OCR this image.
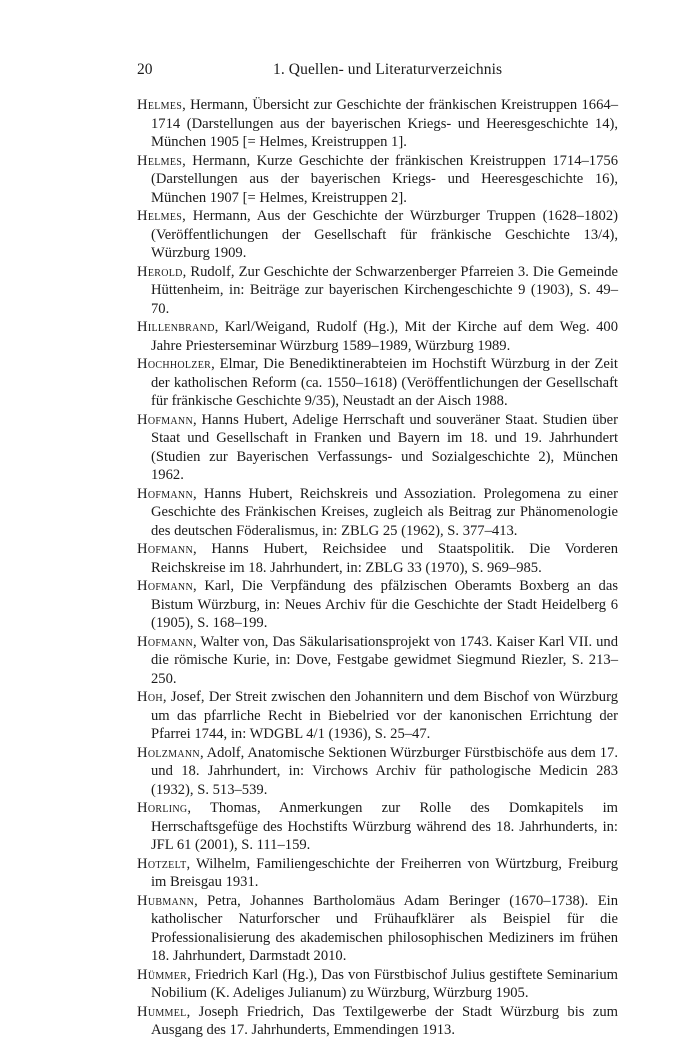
20	1. Quellen- und Literaturverzeichnis

Helmes, Hermann, Übersicht zur Geschichte der fränkischen Kreistruppen 1664–1714 (Darstellungen aus der bayerischen Kriegs- und Heeresgeschichte 14), München 1905 [= Helmes, Kreistruppen 1].

Helmes, Hermann, Kurze Geschichte der fränkischen Kreistruppen 1714–1756 (Darstellungen aus der bayerischen Kriegs- und Heeresgeschichte 16), München 1907 [= Helmes, Kreistruppen 2].

Helmes, Hermann, Aus der Geschichte der Würzburger Truppen (1628–1802) (Veröffentlichungen der Gesellschaft für fränkische Geschichte 13/4), Würzburg 1909.

Herold, Rudolf, Zur Geschichte der Schwarzenberger Pfarreien 3. Die Gemeinde Hüttenheim, in: Beiträge zur bayerischen Kirchengeschichte 9 (1903), S. 49–70.

Hillenbrand, Karl/Weigand, Rudolf (Hg.), Mit der Kirche auf dem Weg. 400 Jahre Priesterseminar Würzburg 1589–1989, Würzburg 1989.

Hochholzer, Elmar, Die Benediktinerabteien im Hochstift Würzburg in der Zeit der katholischen Reform (ca. 1550–1618) (Veröffentlichungen der Gesellschaft für fränkische Geschichte 9/35), Neustadt an der Aisch 1988.

Hofmann, Hanns Hubert, Adelige Herrschaft und souveräner Staat. Studien über Staat und Gesellschaft in Franken und Bayern im 18. und 19. Jahrhundert (Studien zur Bayerischen Verfassungs- und Sozialgeschichte 2), München 1962.

Hofmann, Hanns Hubert, Reichskreis und Assoziation. Prolegomena zu einer Geschichte des Fränkischen Kreises, zugleich als Beitrag zur Phänomenologie des deutschen Föderalismus, in: ZBLG 25 (1962), S. 377–413.

Hofmann, Hanns Hubert, Reichsidee und Staatspolitik. Die Vorderen Reichskreise im 18. Jahrhundert, in: ZBLG 33 (1970), S. 969–985.

Hofmann, Karl, Die Verpfändung des pfälzischen Oberamts Boxberg an das Bistum Würzburg, in: Neues Archiv für die Geschichte der Stadt Heidelberg 6 (1905), S. 168–199.

Hofmann, Walter von, Das Säkularisationsprojekt von 1743. Kaiser Karl VII. und die römische Kurie, in: Dove, Festgabe gewidmet Siegmund Riezler, S. 213–250.

Hoh, Josef, Der Streit zwischen den Johannitern und dem Bischof von Würzburg um das pfarrliche Recht in Biebelried vor der kanonischen Errichtung der Pfarrei 1744, in: WDGBL 4/1 (1936), S. 25–47.

Holzmann, Adolf, Anatomische Sektionen Würzburger Fürstbischöfe aus dem 17. und 18. Jahrhundert, in: Virchows Archiv für pathologische Medicin 283 (1932), S. 513–539.

Horling, Thomas, Anmerkungen zur Rolle des Domkapitels im Herrschaftsgefüge des Hochstifts Würzburg während des 18. Jahrhunderts, in: JFL 61 (2001), S. 111–159.

Hotzelt, Wilhelm, Familiengeschichte der Freiherren von Würtzburg, Freiburg im Breisgau 1931.

Hubmann, Petra, Johannes Bartholomäus Adam Beringer (1670–1738). Ein katholischer Naturforscher und Frühaufklärer als Beispiel für die Professionalisierung des akademischen philosophischen Mediziners im frühen 18. Jahrhundert, Darmstadt 2010.

Hümmer, Friedrich Karl (Hg.), Das von Fürstbischof Julius gestiftete Seminarium Nobilium (K. Adeliges Julianum) zu Würzburg, Würzburg 1905.

Hummel, Joseph Friedrich, Das Textilgewerbe der Stadt Würzburg bis zum Ausgang des 17. Jahrhunderts, Emmendingen 1913.
